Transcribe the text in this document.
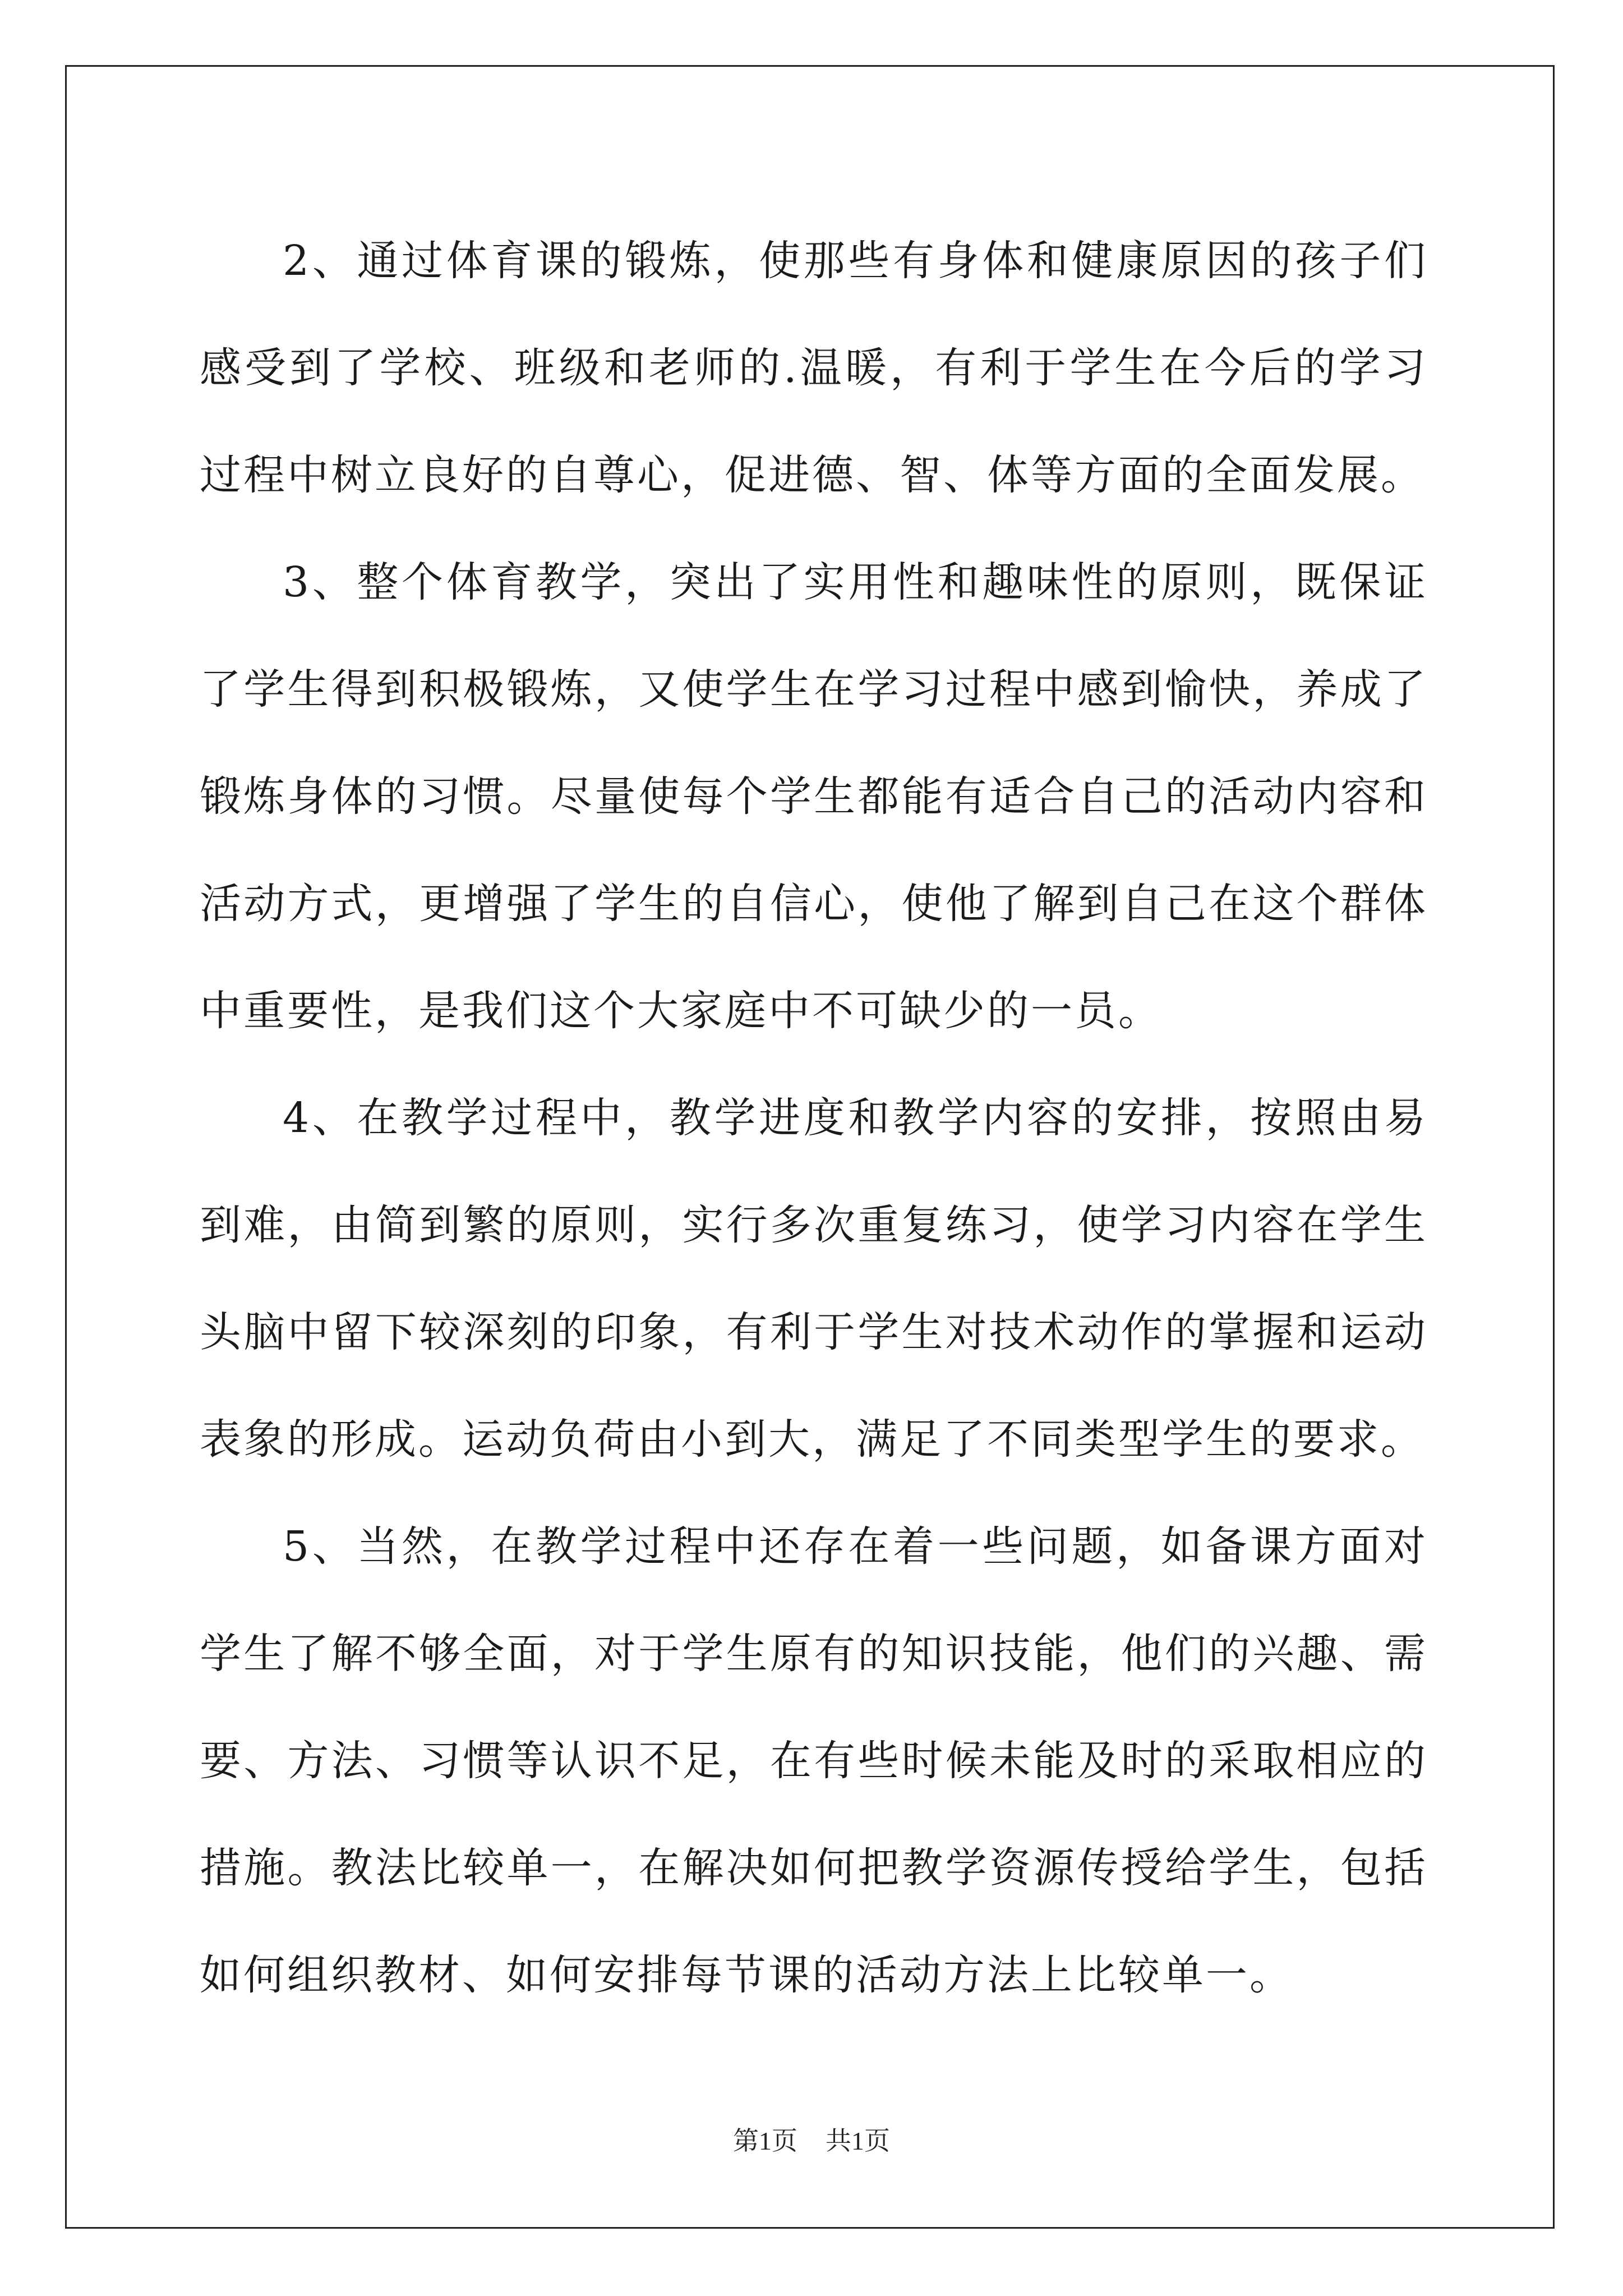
2、通过体育课的锻炼，使那些有身体和健康原因的孩子们感受到了学校、班级和老师的.温暖，有利于学生在今后的学习过程中树立良好的自尊心，促进德、智、体等方面的全面发展。

3、整个体育教学，突出了实用性和趣味性的原则，既保证了学生得到积极锻炼，又使学生在学习过程中感到愉快，养成了锻炼身体的习惯。尽量使每个学生都能有适合自己的活动内容和活动方式，更增强了学生的自信心，使他了解到自己在这个群体中重要性，是我们这个大家庭中不可缺少的一员。

4、在教学过程中，教学进度和教学内容的安排，按照由易到难，由简到繁的原则，实行多次重复练习，使学习内容在学生头脑中留下较深刻的印象，有利于学生对技术动作的掌握和运动表象的形成。运动负荷由小到大，满足了不同类型学生的要求。

5、当然，在教学过程中还存在着一些问题，如备课方面对学生了解不够全面，对于学生原有的知识技能，他们的兴趣、需要、方法、习惯等认识不足，在有些时候未能及时的采取相应的措施。教法比较单一，在解决如何把教学资源传授给学生，包括如何组织教材、如何安排每节课的活动方法上比较单一。

第1页 共1页
